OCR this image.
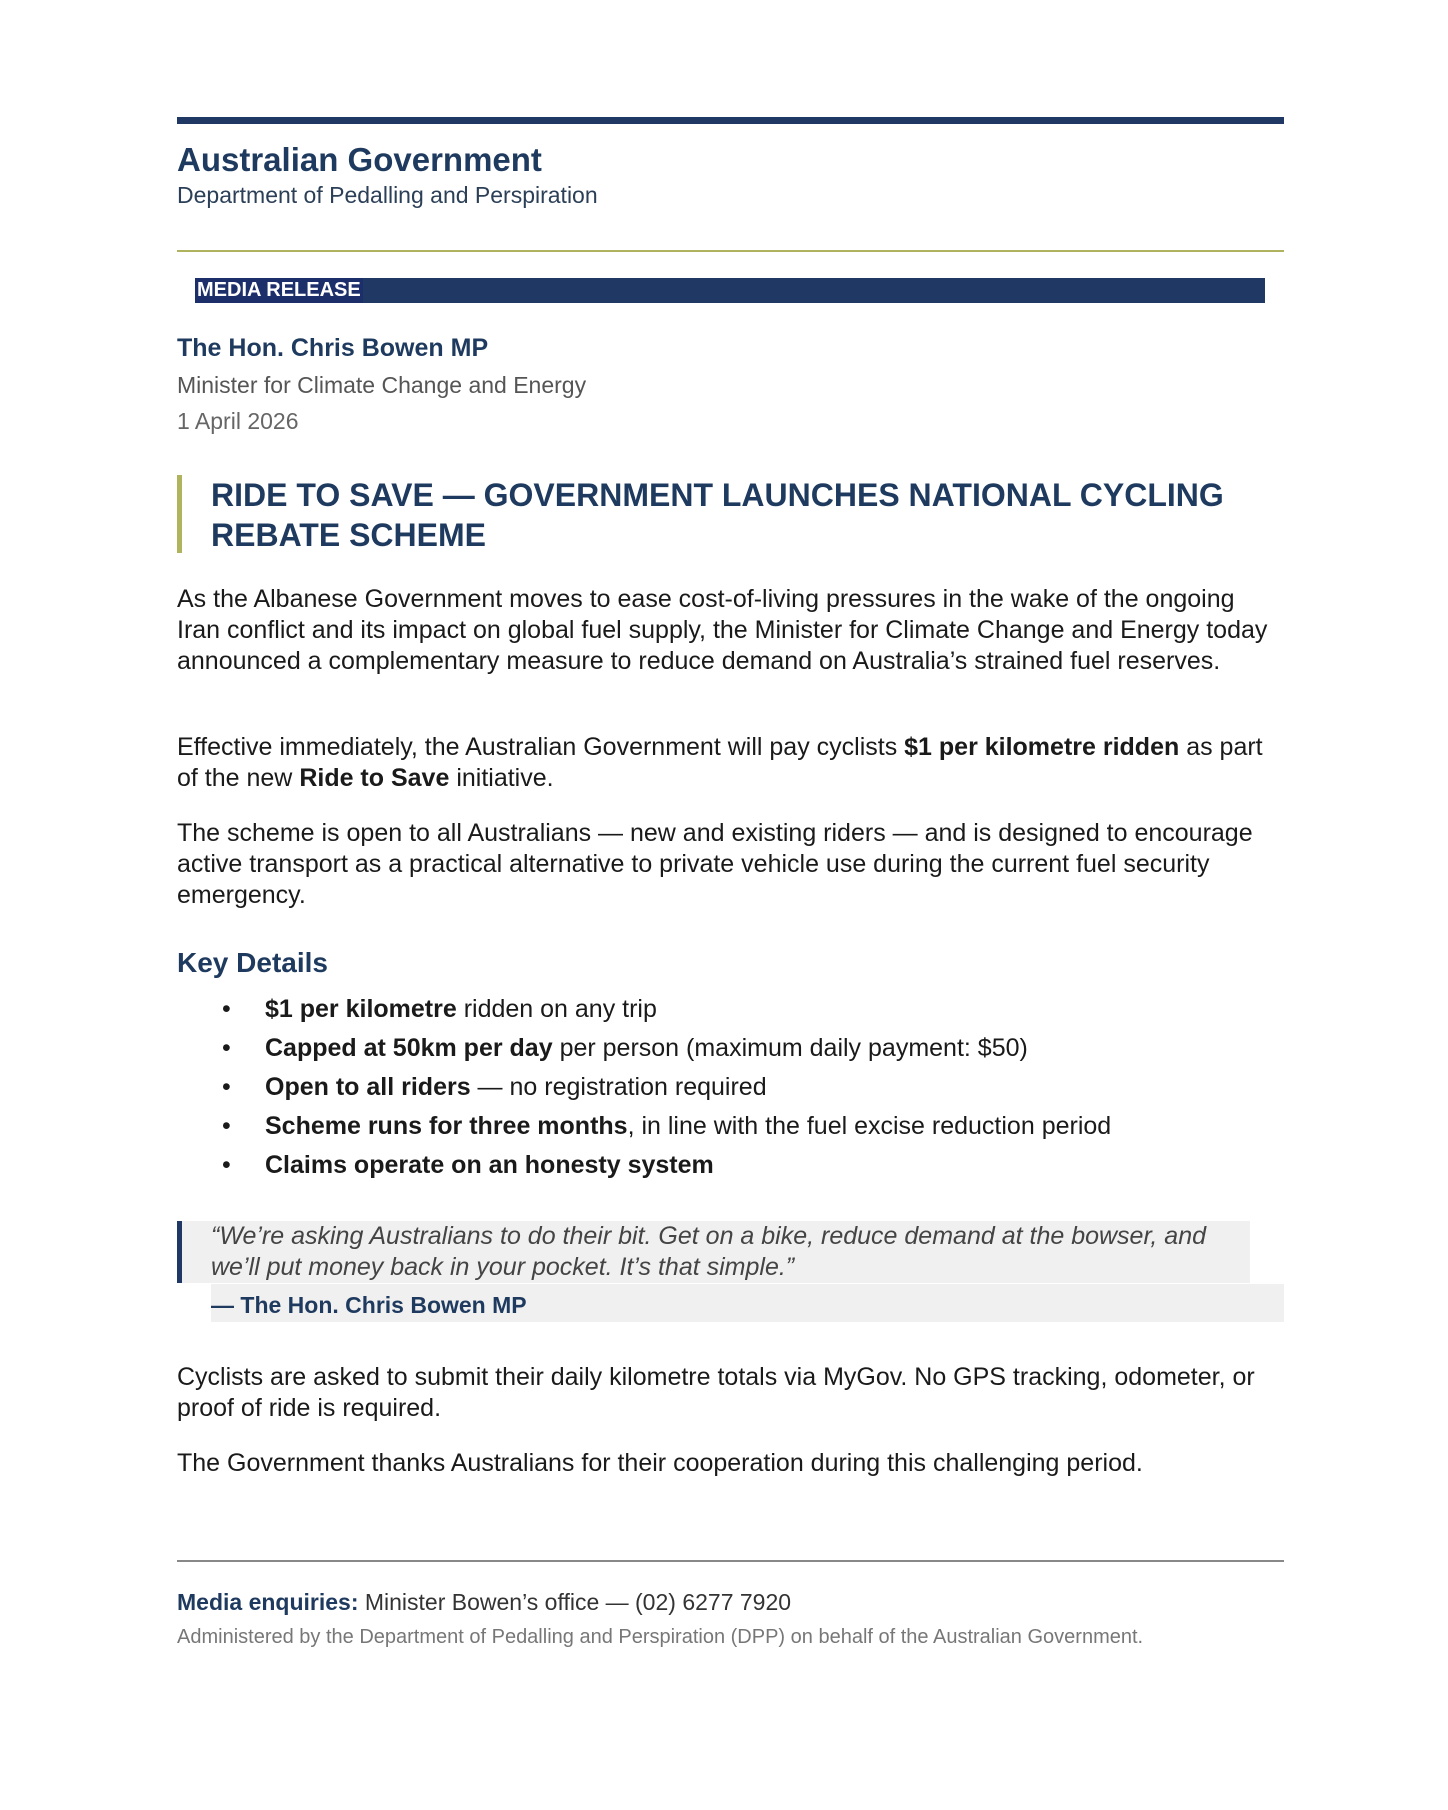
Australian Government
Department of Pedalling and Perspiration
MEDIA RELEASE
The Hon. Chris Bowen MP
Minister for Climate Change and Energy
1 April 2026
RIDE TO SAVE — GOVERNMENT LAUNCHES NATIONAL CYCLING REBATE SCHEME

As the Albanese Government moves to ease cost-of-living pressures in the wake of the ongoing Iran conflict and its impact on global fuel supply, the Minister for Climate Change and Energy today announced a complementary measure to reduce demand on Australia’s strained fuel reserves.

Effective immediately, the Australian Government will pay cyclists $1 per kilometre ridden as part of the new Ride to Save initiative.

The scheme is open to all Australians — new and existing riders — and is designed to encourage active transport as a practical alternative to private vehicle use during the current fuel security emergency.

Key Details
• $1 per kilometre ridden on any trip
• Capped at 50km per day per person (maximum daily payment: $50)
• Open to all riders — no registration required
• Scheme runs for three months, in line with the fuel excise reduction period
• Claims operate on an honesty system

“We’re asking Australians to do their bit. Get on a bike, reduce demand at the bowser, and we’ll put money back in your pocket. It’s that simple.”

— The Hon. Chris Bowen MP

Cyclists are asked to submit their daily kilometre totals via MyGov. No GPS tracking, odometer, or proof of ride is required.

The Government thanks Australians for their cooperation during this challenging period.

Media enquiries: Minister Bowen’s office — (02) 6277 7920
Administered by the Department of Pedalling and Perspiration (DPP) on behalf of the Australian Government.
